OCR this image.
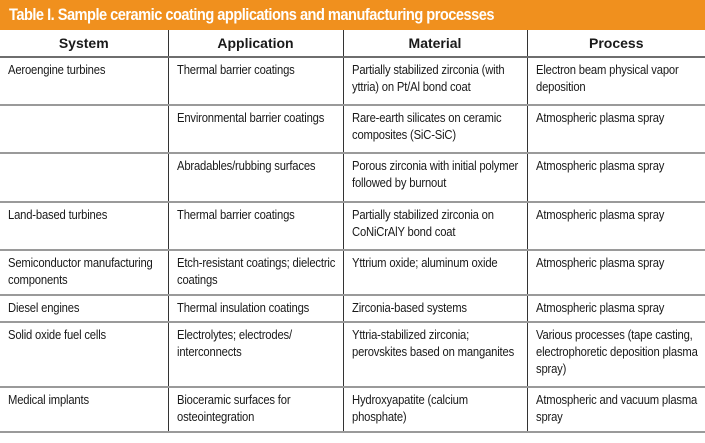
Table I. Sample ceramic coating applications and manufacturing processes
System	Application	Material	Process

Aeroengine turbines	Thermal barrier coatings	Partially stabilized zirconia (with yttria) on Pt/Al bond coat	Electron beam physical vapor deposition

	Environmental barrier coatings	Rare-earth silicates on ceramic composites (SiC-SiC)	Atmospheric plasma spray

	Abradables/rubbing surfaces	Porous zirconia with initial polymer followed by burnout	Atmospheric plasma spray

Land-based turbines	Thermal barrier coatings	Partially stabilized zirconia on CoNiCrAlY bond coat	Atmospheric plasma spray

Semiconductor manufacturing components	Etch-resistant coatings; dielectric coatings	Yttrium oxide; aluminum oxide	Atmospheric plasma spray

Diesel engines	Thermal insulation coatings	Zirconia-based systems	Atmospheric plasma spray

Solid oxide fuel cells	Electrolytes; electrodes/ interconnects	Yttria-stabilized zirconia; perovskites based on manganites	Various processes (tape casting, electrophoretic deposition plasma spray)

Medical implants	Bioceramic surfaces for osteointegration	Hydroxyapatite (calcium phosphate)	Atmospheric and vacuum plasma spray
